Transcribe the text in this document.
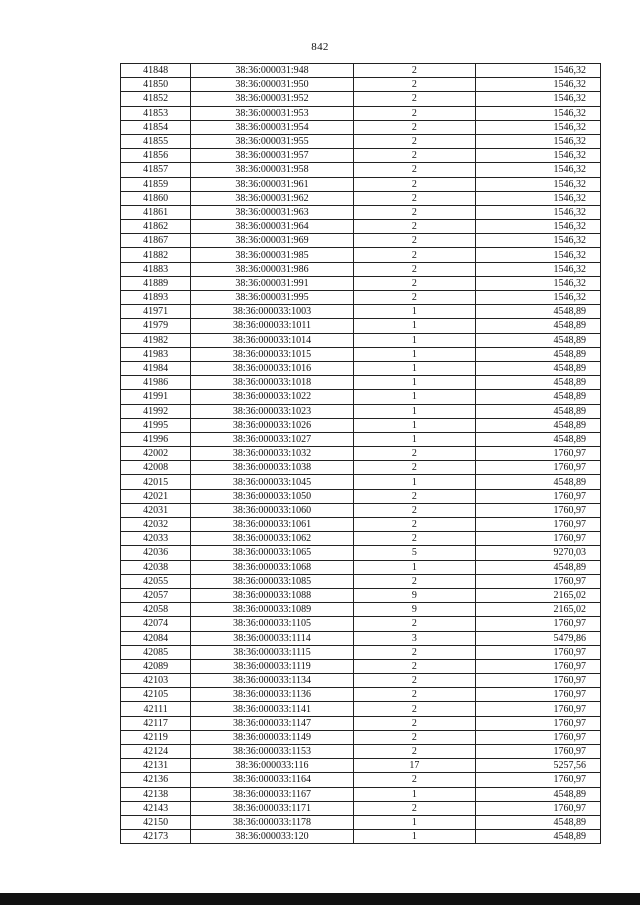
842
41848	38:36:000031:948	2	1546,32
41850	38:36:000031:950	2	1546,32
41852	38:36:000031:952	2	1546,32
41853	38:36:000031:953	2	1546,32
41854	38:36:000031:954	2	1546,32
41855	38:36:000031:955	2	1546,32
41856	38:36:000031:957	2	1546,32
41857	38:36:000031:958	2	1546,32
41859	38:36:000031:961	2	1546,32
41860	38:36:000031:962	2	1546,32
41861	38:36:000031:963	2	1546,32
41862	38:36:000031:964	2	1546,32
41867	38:36:000031:969	2	1546,32
41882	38:36:000031:985	2	1546,32
41883	38:36:000031:986	2	1546,32
41889	38:36:000031:991	2	1546,32
41893	38:36:000031:995	2	1546,32
41971	38:36:000033:1003	1	4548,89
41979	38:36:000033:1011	1	4548,89
41982	38:36:000033:1014	1	4548,89
41983	38:36:000033:1015	1	4548,89
41984	38:36:000033:1016	1	4548,89
41986	38:36:000033:1018	1	4548,89
41991	38:36:000033:1022	1	4548,89
41992	38:36:000033:1023	1	4548,89
41995	38:36:000033:1026	1	4548,89
41996	38:36:000033:1027	1	4548,89
42002	38:36:000033:1032	2	1760,97
42008	38:36:000033:1038	2	1760,97
42015	38:36:000033:1045	1	4548,89
42021	38:36:000033:1050	2	1760,97
42031	38:36:000033:1060	2	1760,97
42032	38:36:000033:1061	2	1760,97
42033	38:36:000033:1062	2	1760,97
42036	38:36:000033:1065	5	9270,03
42038	38:36:000033:1068	1	4548,89
42055	38:36:000033:1085	2	1760,97
42057	38:36:000033:1088	9	2165,02
42058	38:36:000033:1089	9	2165,02
42074	38:36:000033:1105	2	1760,97
42084	38:36:000033:1114	3	5479,86
42085	38:36:000033:1115	2	1760,97
42089	38:36:000033:1119	2	1760,97
42103	38:36:000033:1134	2	1760,97
42105	38:36:000033:1136	2	1760,97
42111	38:36:000033:1141	2	1760,97
42117	38:36:000033:1147	2	1760,97
42119	38:36:000033:1149	2	1760,97
42124	38:36:000033:1153	2	1760,97
42131	38:36:000033:116	17	5257,56
42136	38:36:000033:1164	2	1760,97
42138	38:36:000033:1167	1	4548,89
42143	38:36:000033:1171	2	1760,97
42150	38:36:000033:1178	1	4548,89
42173	38:36:000033:120	1	4548,89
